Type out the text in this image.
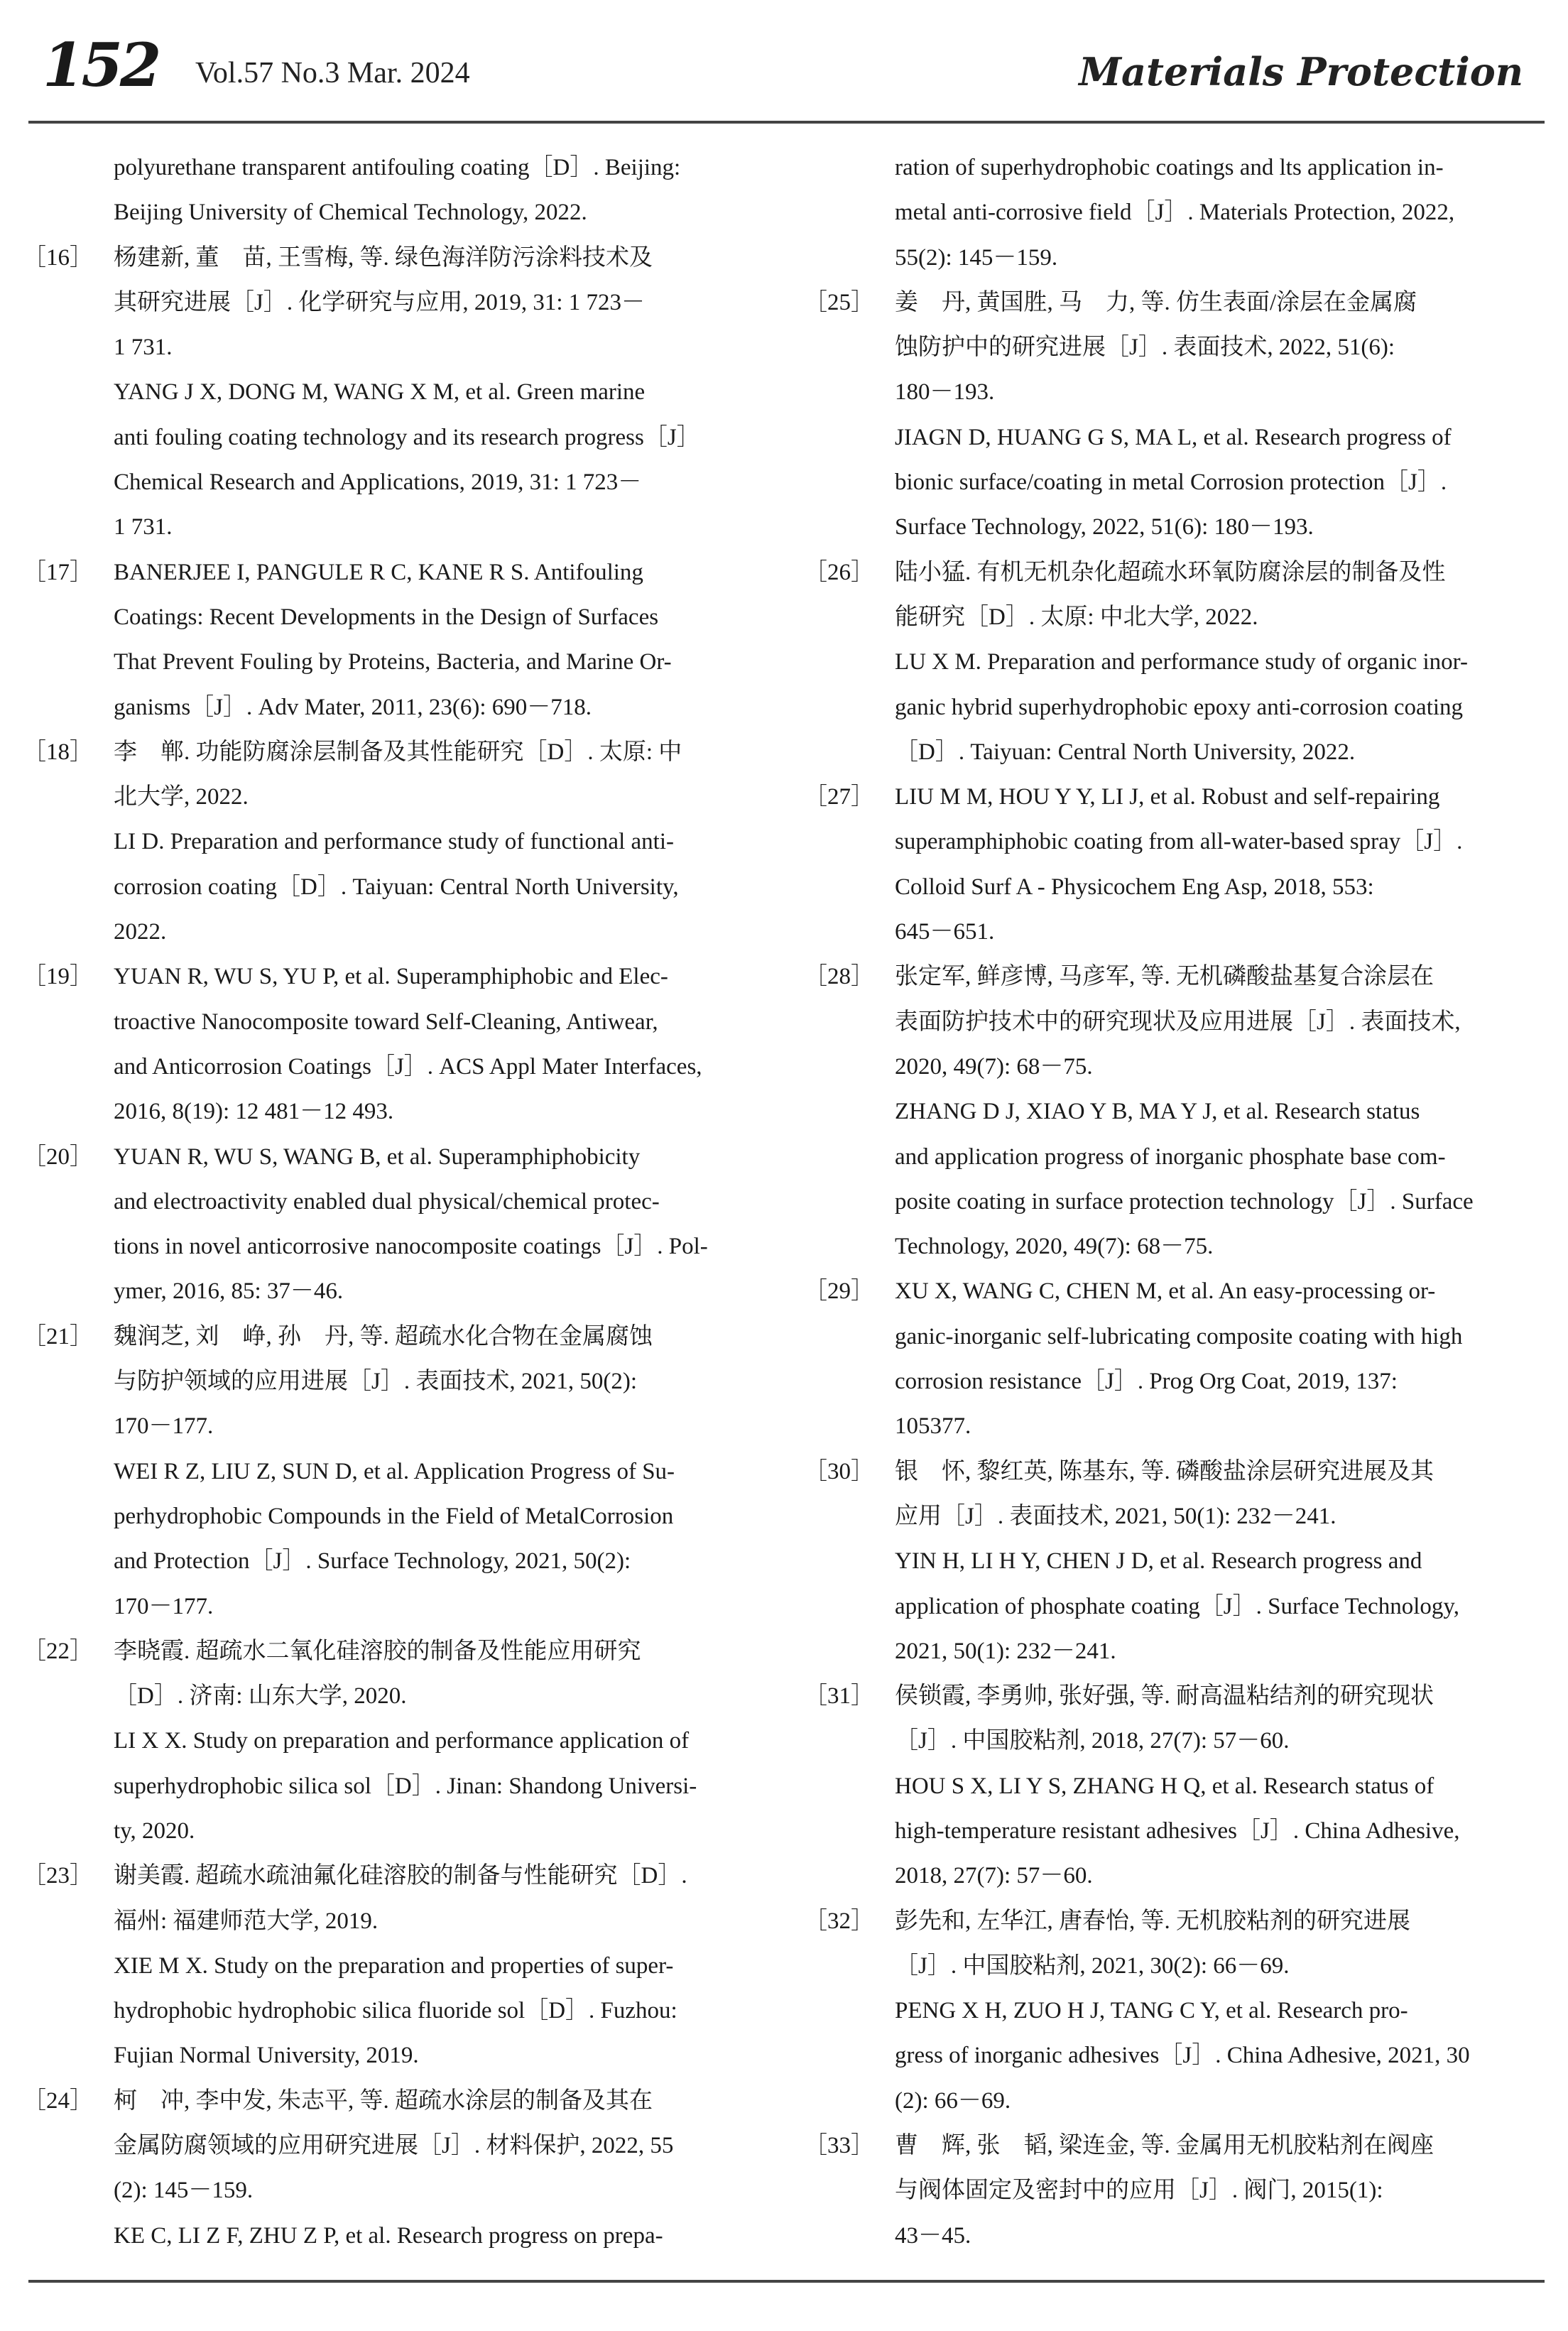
152 Vol.57 No.3 Mar. 2024	Materials Protection
polyurethane transparent antifouling coating［D］. Beijing:
Beijing University of Chemical Technology, 2022.
［16］ 杨建新, 董　苗, 王雪梅, 等. 绿色海洋防污涂料技术及
其研究进展［J］. 化学研究与应用, 2019, 31: 1 723－
1 731.
YANG J X, DONG M, WANG X M, et al. Green marine
anti fouling coating technology and its research progress［J］
Chemical Research and Applications, 2019, 31: 1 723－
1 731.
［17］ BANERJEE I, PANGULE R C, KANE R S. Antifouling
Coatings: Recent Developments in the Design of Surfaces
That Prevent Fouling by Proteins, Bacteria, and Marine Or-
ganisms［J］. Adv Mater, 2011, 23(6): 690－718.
［18］ 李　郸. 功能防腐涂层制备及其性能研究［D］. 太原: 中
北大学, 2022.
LI D. Preparation and performance study of functional anti-
corrosion coating［D］. Taiyuan: Central North University,
2022.
［19］ YUAN R, WU S, YU P, et al. Superamphiphobic and Elec-
troactive Nanocomposite toward Self-Cleaning, Antiwear,
and Anticorrosion Coatings［J］. ACS Appl Mater Interfaces,
2016, 8(19): 12 481－12 493.
［20］ YUAN R, WU S, WANG B, et al. Superamphiphobicity
and electroactivity enabled dual physical/chemical protec-
tions in novel anticorrosive nanocomposite coatings［J］. Pol-
ymer, 2016, 85: 37－46.
［21］ 魏润芝, 刘　峥, 孙　丹, 等. 超疏水化合物在金属腐蚀
与防护领域的应用进展［J］. 表面技术, 2021, 50(2):
170－177.
WEI R Z, LIU Z, SUN D, et al. Application Progress of Su-
perhydrophobic Compounds in the Field of MetalCorrosion
and Protection［J］. Surface Technology, 2021, 50(2):
170－177.
［22］ 李晓霞. 超疏水二氧化硅溶胶的制备及性能应用研究
［D］. 济南: 山东大学, 2020.
LI X X. Study on preparation and performance application of
superhydrophobic silica sol［D］. Jinan: Shandong Universi-
ty, 2020.
［23］ 谢美霞. 超疏水疏油氟化硅溶胶的制备与性能研究［D］.
福州: 福建师范大学, 2019.
XIE M X. Study on the preparation and properties of super-
hydrophobic hydrophobic silica fluoride sol［D］. Fuzhou:
Fujian Normal University, 2019.
［24］ 柯　冲, 李中发, 朱志平, 等. 超疏水涂层的制备及其在
金属防腐领域的应用研究进展［J］. 材料保护, 2022, 55
(2): 145－159.
KE C, LI Z F, ZHU Z P, et al. Research progress on prepa-
ration of superhydrophobic coatings and lts application in-
metal anti-corrosive field［J］. Materials Protection, 2022,
55(2): 145－159.
［25］ 姜　丹, 黄国胜, 马　力, 等. 仿生表面/涂层在金属腐
蚀防护中的研究进展［J］. 表面技术, 2022, 51(6):
180－193.
JIAGN D, HUANG G S, MA L, et al. Research progress of
bionic surface/coating in metal Corrosion protection［J］.
Surface Technology, 2022, 51(6): 180－193.
［26］ 陆小猛. 有机无机杂化超疏水环氧防腐涂层的制备及性
能研究［D］. 太原: 中北大学, 2022.
LU X M. Preparation and performance study of organic inor-
ganic hybrid superhydrophobic epoxy anti-corrosion coating
［D］. Taiyuan: Central North University, 2022.
［27］ LIU M M, HOU Y Y, LI J, et al. Robust and self-repairing
superamphiphobic coating from all-water-based spray［J］.
Colloid Surf A - Physicochem Eng Asp, 2018, 553:
645－651.
［28］ 张定军, 鲜彦博, 马彦军, 等. 无机磷酸盐基复合涂层在
表面防护技术中的研究现状及应用进展［J］. 表面技术,
2020, 49(7): 68－75.
ZHANG D J, XIAO Y B, MA Y J, et al. Research status
and application progress of inorganic phosphate base com-
posite coating in surface protection technology［J］. Surface
Technology, 2020, 49(7): 68－75.
［29］ XU X, WANG C, CHEN M, et al. An easy-processing or-
ganic-inorganic self-lubricating composite coating with high
corrosion resistance［J］. Prog Org Coat, 2019, 137:
105377.
［30］ 银　怀, 黎红英, 陈基东, 等. 磷酸盐涂层研究进展及其
应用［J］. 表面技术, 2021, 50(1): 232－241.
YIN H, LI H Y, CHEN J D, et al. Research progress and
application of phosphate coating［J］. Surface Technology,
2021, 50(1): 232－241.
［31］ 侯锁霞, 李勇帅, 张好强, 等. 耐高温粘结剂的研究现状
［J］. 中国胶粘剂, 2018, 27(7): 57－60.
HOU S X, LI Y S, ZHANG H Q, et al. Research status of
high-temperature resistant adhesives［J］. China Adhesive,
2018, 27(7): 57－60.
［32］ 彭先和, 左华江, 唐春怡, 等. 无机胶粘剂的研究进展
［J］. 中国胶粘剂, 2021, 30(2): 66－69.
PENG X H, ZUO H J, TANG C Y, et al. Research pro-
gress of inorganic adhesives［J］. China Adhesive, 2021, 30
(2): 66－69.
［33］ 曹　辉, 张　韬, 梁连金, 等. 金属用无机胶粘剂在阀座
与阀体固定及密封中的应用［J］. 阀门, 2015(1):
43－45.
